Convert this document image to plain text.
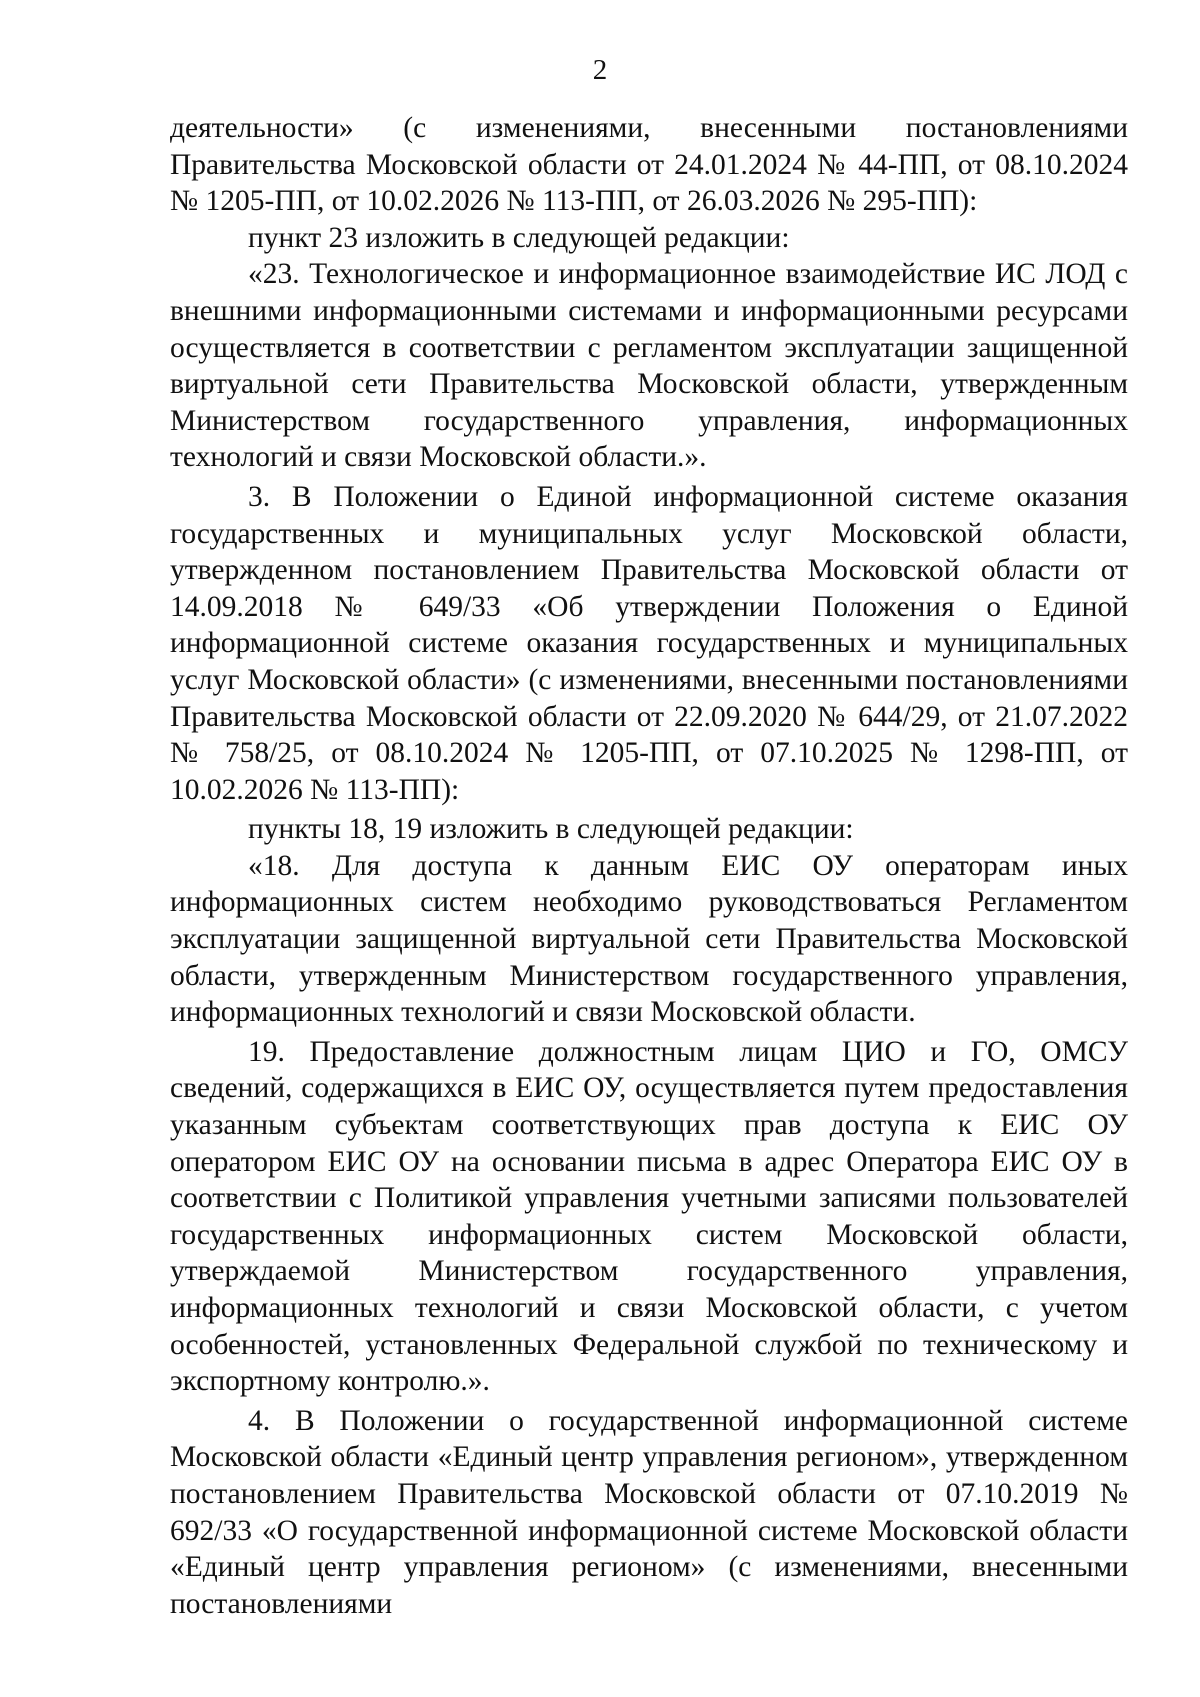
2

деятельности» (с изменениями, внесенными постановлениями Правительства Московской области от 24.01.2024 № 44-ПП, от 08.10.2024 № 1205-ПП, от 10.02.2026 № 113-ПП, от 26.03.2026 № 295-ПП):

пункт 23 изложить в следующей редакции:

«23. Технологическое и информационное взаимодействие ИС ЛОД с внешними информационными системами и информационными ресурсами осуществляется в соответствии с регламентом эксплуатации защищенной виртуальной сети Правительства Московской области, утвержденным Министерством государственного управления, информационных технологий и связи Московской области.».

3. В Положении о Единой информационной системе оказания государственных и муниципальных услуг Московской области, утвержденном постановлением Правительства Московской области от 14.09.2018 № 649/33 «Об утверждении Положения о Единой информационной системе оказания государственных и муниципальных услуг Московской области» (с изменениями, внесенными постановлениями Правительства Московской области от 22.09.2020 № 644/29, от 21.07.2022 № 758/25, от 08.10.2024 № 1205-ПП, от 07.10.2025 № 1298-ПП, от 10.02.2026 № 113-ПП):

пункты 18, 19 изложить в следующей редакции:

«18. Для доступа к данным ЕИС ОУ операторам иных информационных систем необходимо руководствоваться Регламентом эксплуатации защищенной виртуальной сети Правительства Московской области, утвержденным Министерством государственного управления, информационных технологий и связи Московской области.

19. Предоставление должностным лицам ЦИО и ГО, ОМСУ сведений, содержащихся в ЕИС ОУ, осуществляется путем предоставления указанным субъектам соответствующих прав доступа к ЕИС ОУ оператором ЕИС ОУ на основании письма в адрес Оператора ЕИС ОУ в соответствии с Политикой управления учетными записями пользователей государственных информационных систем Московской области, утверждаемой Министерством государственного управления, информационных технологий и связи Московской области, с учетом особенностей, установленных Федеральной службой по техническому и экспортному контролю.».

4. В Положении о государственной информационной системе Московской области «Единый центр управления регионом», утвержденном постановлением Правительства Московской области от 07.10.2019 № 692/33 «О государственной информационной системе Московской области «Единый центр управления регионом» (с изменениями, внесенными постановлениями
